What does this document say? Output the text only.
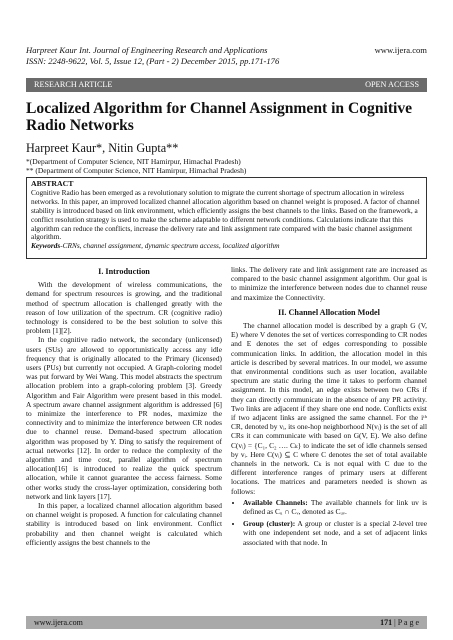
Harpreet Kaur Int. Journal of Engineering Research and Applications
ISSN: 2248-9622, Vol. 5, Issue 12, (Part - 2) December 2015, pp.171-176
www.ijera.com
RESEARCH ARTICLE	OPEN ACCESS
Localized Algorithm for Channel Assignment in Cognitive Radio Networks
Harpreet Kaur*, Nitin Gupta**
*(Department of Computer Science, NIT Hamirpur, Himachal Pradesh)
** (Department of Computer Science, NIT Hamirpur, Himachal Pradesh)
ABSTRACT
Cognitive Radio has been emerged as a revolutionary solution to migrate the current shortage of spectrum allocation in wireless networks. In this paper, an improved localized channel allocation algorithm based on channel weight is proposed. A factor of channel stability is introduced based on link environment, which efficiently assigns the best channels to the links. Based on the framework, a conflict resolution strategy is used to make the scheme adaptable to different network conditions. Calculations indicate that this algorithm can reduce the conflicts, increase the delivery rate and link assignment rate compared with the basic channel assignment algorithm.
Keywords-CRNs, channel assignment, dynamic spectrum access, localized algorithm
I. Introduction

With the development of wireless communications, the demand for spectrum resources is growing, and the traditional method of spectrum allocation is challenged greatly with the reason of low utilization of the spectrum. CR (cognitive radio) technology is considered to be the best solution to solve this problem [1][2].

In the cognitive radio network, the secondary (unlicensed) users (SUs) are allowed to opportunistically access any idle frequency that is originally allocated to the Primary (licensed) users (PUs) but currently not occupied. A Graph-coloring model was put forward by Wei Wang. This model abstracts the spectrum allocation problem into a graph-coloring problem [3]. Greedy Algorithm and Fair Algorithm were present based in this model. A spectrum aware channel assignment algorithm is addressed [6] to minimize the interference to PR nodes, maximize the connectivity and to minimize the interference between CR nodes due to channel reuse. Demand-based spectrum allocation algorithm was proposed by Y. Ding to satisfy the requirement of actual networks [12]. In order to reduce the complexity of the algorithm and time cost, parallel algorithm of spectrum allocation[16] is introduced to realize the quick spectrum allocation, while it cannot guarantee the access fairness. Some other works study the cross-layer optimization, considering both network and link layers [17].

In this paper, a localized channel allocation algorithm based on channel weight is proposed. A function for calculating channel stability is introduced based on link environment. Conflict probability and then channel weight is calculated which efficiently assigns the best channels to the

links. The delivery rate and link assignment rate are increased as compared to the basic channel assignment algorithm. Our goal is to minimize the interference between nodes due to channel reuse and maximize the Connectivity.

II. Channel Allocation Model

The channel allocation model is described by a graph G (V, E) where V denotes the set of vertices corresponding to CR nodes and E denotes the set of edges corresponding to possible communication links. In addition, the allocation model in this article is described by several matrices. In our model, we assume that environmental conditions such as user location, available spectrum are static during the time it takes to perform channel assignment. In this model, an edge exists between two CRs if they can directly communicate in the absence of any PR activity. Two links are adjacent if they share one end node. Conflicts exist if two adjacent links are assigned the same channel. For the iᵗʰ CR, denoted by vᵢ, its one-hop neighborhood N(vᵢ) is the set of all CRs it can communicate with based on G(V, E). We also define C(vᵢ) = {C₁, C₂ …. Cₖ} to indicate the set of idle channels sensed by vᵢ. Here C(vᵢ) ⊆ C where C denotes the set of total available channels in the network. Cₖ is not equal with C due to the different interference ranges of primary users at different locations. The matrices and parameters needed is shown as follows:

• Available Channels: The available channels for link uv is defined as Cᵤ ∩ Cᵥ, denoted as Cᵤᵥ.
• Group (cluster): A group or cluster is a special 2-level tree with one independent set node, and a set of adjacent links associated with that node. In
www.ijera.com	171 | P a g e
